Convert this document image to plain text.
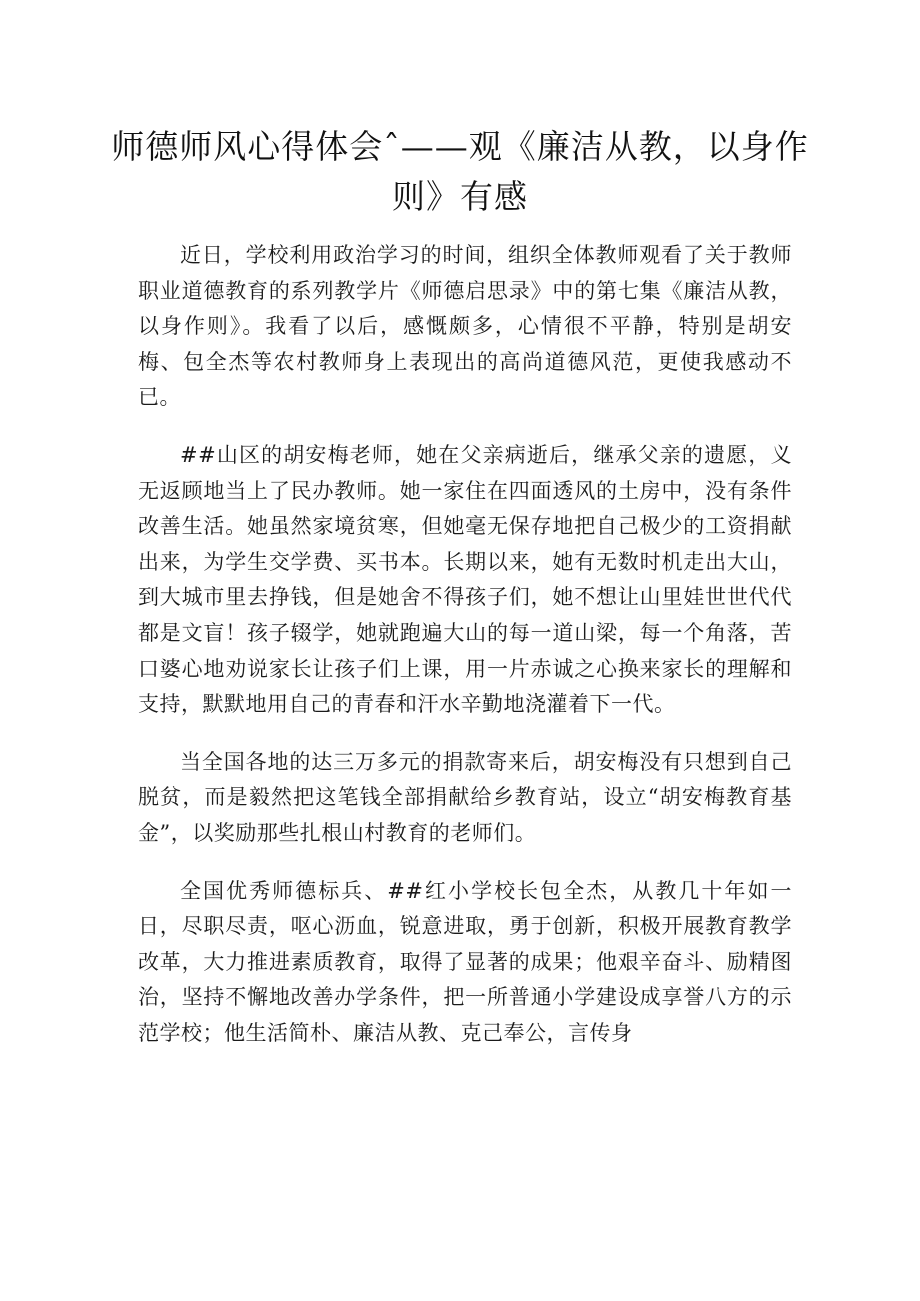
师德师风心得体会ˆ——观《廉洁从教，以身作则》有感

近日，学校利用政治学习的时间，组织全体教师观看了关于教师职业道德教育的系列教学片《师德启思录》中的第七集《廉洁从教，以身作则》。我看了以后，感慨颇多，心情很不平静，特别是胡安梅、包全杰等农村教师身上表现出的高尚道德风范，更使我感动不已。

##山区的胡安梅老师，她在父亲病逝后，继承父亲的遗愿，义无返顾地当上了民办教师。她一家住在四面透风的土房中，没有条件改善生活。她虽然家境贫寒，但她毫无保存地把自己极少的工资捐献出来，为学生交学费、买书本。长期以来，她有无数时机走出大山，到大城市里去挣钱，但是她舍不得孩子们，她不想让山里娃世世代代都是文盲！孩子辍学，她就跑遍大山的每一道山梁，每一个角落，苦口婆心地劝说家长让孩子们上课，用一片赤诚之心换来家长的理解和支持，默默地用自己的青春和汗水辛勤地浇灌着下一代。

当全国各地的达三万多元的捐款寄来后，胡安梅没有只想到自己脱贫，而是毅然把这笔钱全部捐献给乡教育站，设立“胡安梅教育基金”，以奖励那些扎根山村教育的老师们。

全国优秀师德标兵、##红小学校长包全杰，从教几十年如一日，尽职尽责，呕心沥血，锐意进取，勇于创新，积极开展教育教学改革，大力推进素质教育，取得了显著的成果；他艰辛奋斗、励精图治，坚持不懈地改善办学条件，把一所普通小学建设成享誉八方的示范学校；他生活简朴、廉洁从教、克己奉公，言传身
